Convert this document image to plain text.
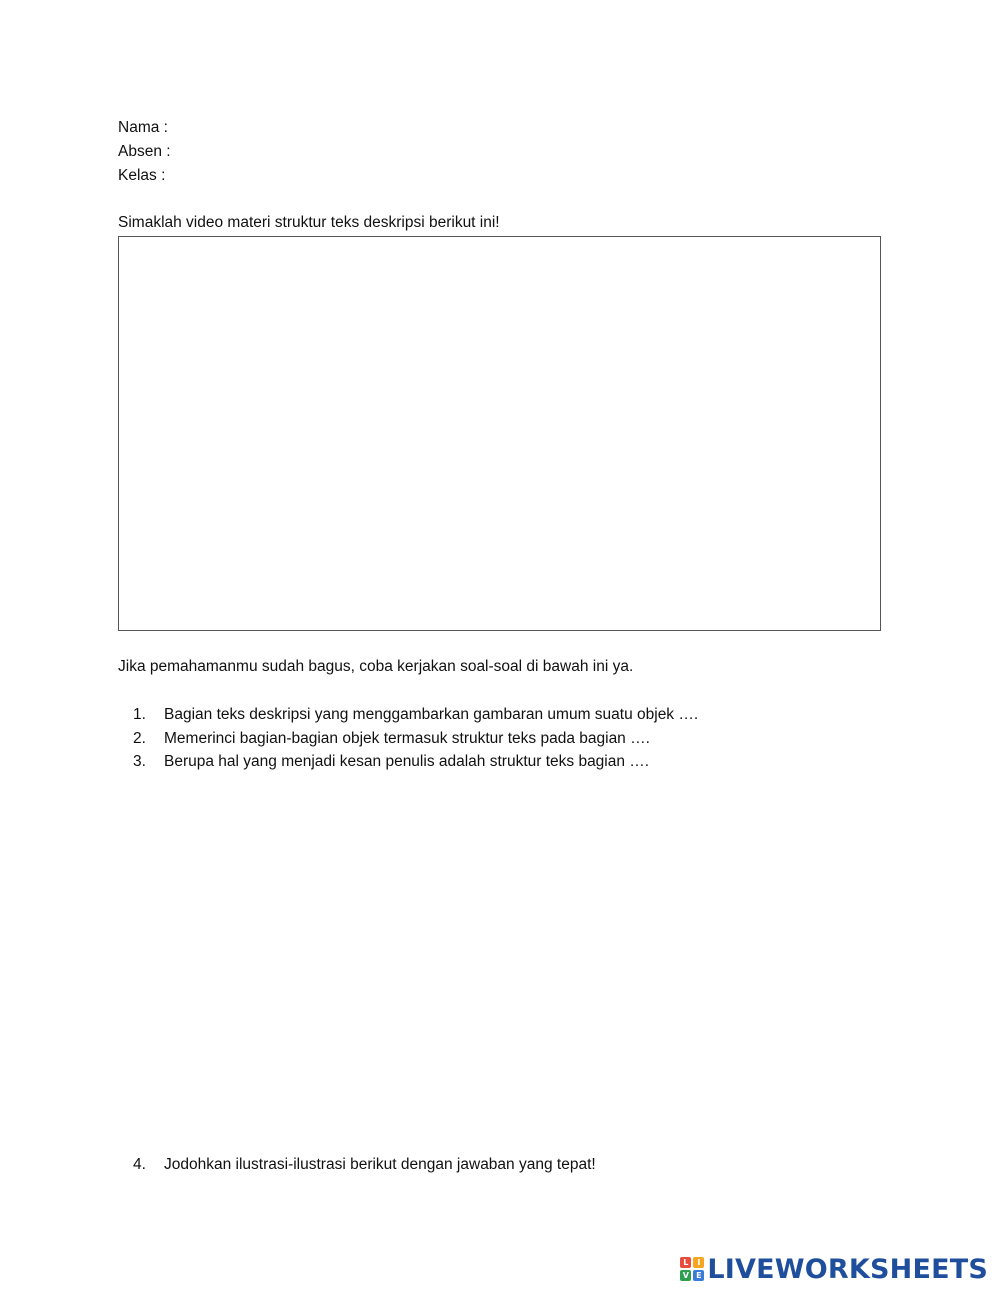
Nama :
Absen :
Kelas :
Simaklah video materi struktur teks deskripsi berikut ini!
Jika pemahamanmu sudah bagus, coba kerjakan soal-soal di bawah ini ya.
1. Bagian teks deskripsi yang menggambarkan gambaran umum suatu objek ….
2. Memerinci bagian-bagian objek termasuk struktur teks pada bagian ….
3. Berupa hal yang menjadi kesan penulis adalah struktur teks bagian ….
4. Jodohkan ilustrasi-ilustrasi berikut dengan jawaban yang tepat!
L	I
V E LIVEWORKSHEETS
